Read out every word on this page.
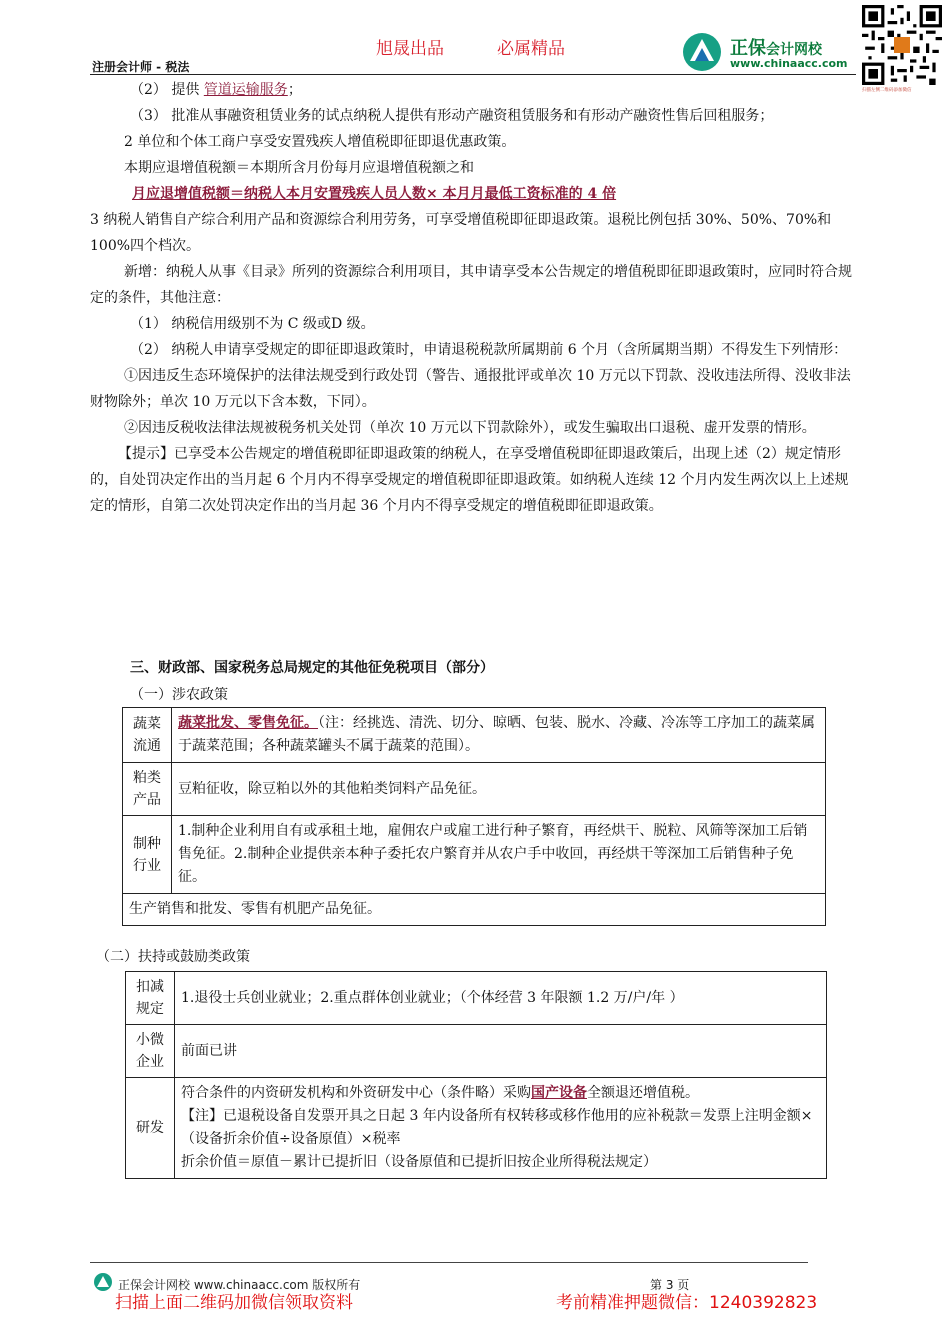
旭晟出品	必属精品
注册会计师 - 税法
正保会计网校
www.chinaacc.com
扫描左侧二维码添加微信

（2） 提供 管道运输服务；

（3） 批准从事融资租赁业务的试点纳税人提供有形动产融资租赁服务和有形动产融资性售后回租服务；

2 单位和个体工商户享受安置残疾人增值税即征即退优惠政策。

本期应退增值税额＝本期所含月份每月应退增值税额之和

月应退增值税额＝纳税人本月安置残疾人员人数× 本月月最低工资标准的 4 倍

3 纳税人销售自产综合利用产品和资源综合利用劳务，可享受增值税即征即退政策。退税比例包括 30%、50%、70%和 100%四个档次。

新增：纳税人从事《目录》所列的资源综合利用项目，其申请享受本公告规定的增值税即征即退政策时，应同时符合规定的条件，其他注意：

（1） 纳税信用级别不为 C 级或D 级。

（2） 纳税人申请享受规定的即征即退政策时，申请退税税款所属期前 6 个月（含所属期当期）不得发生下列情形：

①因违反生态环境保护的法律法规受到行政处罚（警告、通报批评或单次 10 万元以下罚款、没收违法所得、没收非法财物除外；单次 10 万元以下含本数，下同）。

②因违反税收法律法规被税务机关处罚（单次 10 万元以下罚款除外），或发生骗取出口退税、虚开发票的情形。

【提示】已享受本公告规定的增值税即征即退政策的纳税人，在享受增值税即征即退政策后，出现上述（2）规定情形的，自处罚决定作出的当月起 6 个月内不得享受规定的增值税即征即退政策。如纳税人连续 12 个月内发生两次以上上述规定的情形，自第二次处罚决定作出的当月起 36 个月内不得享受规定的增值税即征即退政策。

三、财政部、国家税务总局规定的其他征免税项目（部分）
（一）涉农政策
蔬菜流通	蔬菜批发、零售免征。（注：经挑选、清洗、切分、晾晒、包装、脱水、冷藏、冷冻等工序加工的蔬菜属于蔬菜范围；各种蔬菜罐头不属于蔬菜的范围）。
粕类产品	豆粕征收，除豆粕以外的其他粕类饲料产品免征。
制种行业	1.制种企业利用自有或承租土地，雇佣农户或雇工进行种子繁育，再经烘干、脱粒、风筛等深加工后销售免征。2.制种企业提供亲本种子委托农户繁育并从农户手中收回，再经烘干等深加工后销售种子免征。
生产销售和批发、零售有机肥产品免征。	
（二）扶持或鼓励类政策
扣减规定	1.退役士兵创业就业；2.重点群体创业就业；（个体经营 3 年限额 1.2 万/户/年 ）
小微企业	前面已讲
研发	符合条件的内资研发机构和外资研发中心（条件略）采购国产设备全额退还增值税。
【注】已退税设备自发票开具之日起 3 年内设备所有权转移或移作他用的应补税款＝发票上注明金额×（设备折余价值÷设备原值）×税率
折余价值＝原值－累计已提折旧（设备原值和已提折旧按企业所得税法规定）
正保会计网校 www.chinaacc.com 版权所有	第 3 页
扫描上面二维码加微信领取资料	考前精准押题微信：1240392823
